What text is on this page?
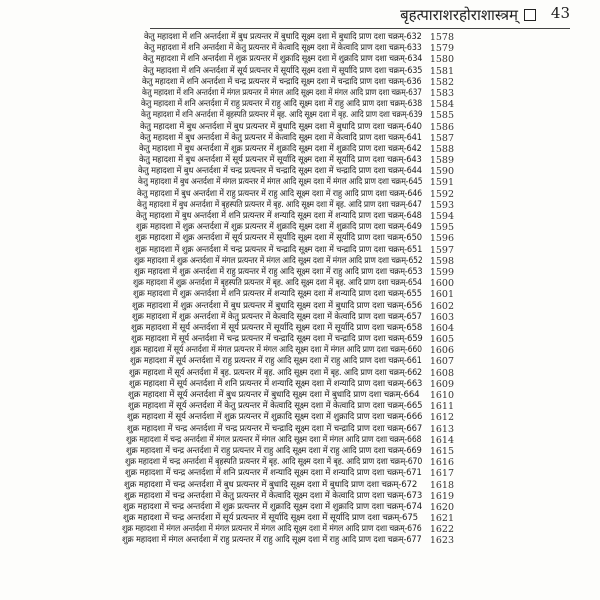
बृहत्पाराशरहोराशास्त्रम् 43
केतु महादशा में शनि अन्तर्दशा में बुध प्रत्यन्तर में बुधादि सूक्ष्म दशा में बुधादि प्राण दशा चक्रम्-632 1578
केतु महादशा में शनि अन्तर्दशा में केतु प्रत्यन्तर में केत्वादि सूक्ष्म दशा में केत्वादि प्राण दशा चक्रम्-633 1579
केतु महादशा में शनि अन्तर्दशा में शुक्र प्रत्यन्तर में शुक्रादि सूक्ष्म दशा में शुक्रादि प्राण दशा चक्रम्-634 1580
केतु महादशा में शनि अन्तर्दशा में सूर्य प्रत्यन्तर में सूर्यादि सूक्ष्म दशा में सूर्यादि प्राण दशा चक्रम्-635 1581
केतु महादशा में शनि अन्तर्दशा में चन्द्र प्रत्यन्तर में चन्द्रादि सूक्ष्म दशा में चन्द्रादि प्राण दशा चक्रम्-636 1582
केतु महादशा में शनि अन्तर्दशा में मंगल प्रत्यन्तर में मंगल आदि सूक्ष्म दशा में मंगल आदि प्राण दशा चक्रम्-637 1583
केतु महादशा में शनि अन्तर्दशा में राहु प्रत्यन्तर में राहु आदि सूक्ष्म दशा में राहु आदि प्राण दशा चक्रम्-638 1584
केतु महादशा में शनि अन्तर्दशा में बृहस्पति प्रत्यन्तर में बृह. आदि सूक्ष्म दशा में बृह. आदि प्राण दशा चक्रम्-639 1585
केतु महादशा में बुध अन्तर्दशा में बुध प्रत्यन्तर में बुधादि सूक्ष्म दशा में बुधादि प्राण दशा चक्रम्-640 1586
केतु महादशा में बुध अन्तर्दशा में केतु प्रत्यन्तर में केत्वादि सूक्ष्म दशा में केत्वादि प्राण दशा चक्रम्-641 1587
केतु महादशा में बुध अन्तर्दशा में शुक्र प्रत्यन्तर में शुक्रादि सूक्ष्म दशा में शुक्रादि प्राण दशा चक्रम्-642 1588
केतु महादशा में बुध अन्तर्दशा में सूर्य प्रत्यन्तर में सूर्यादि सूक्ष्म दशा में सूर्यादि प्राण दशा चक्रम्-643 1589
केतु महादशा में बुध अन्तर्दशा में चन्द्र प्रत्यन्तर में चन्द्रादि सूक्ष्म दशा में चन्द्रादि प्राण दशा चक्रम्-644 1590
केतु महादशा में बुध अन्तर्दशा में मंगल प्रत्यन्तर में मंगल आदि सूक्ष्म दशा में मंगल आदि प्राण दशा चक्रम्-645 1591
केतु महादशा में बुध अन्तर्दशा में राहु प्रत्यन्तर में राहु आदि सूक्ष्म दशा में राहु आदि प्राण दशा चक्रम्-646 1592
केतु महादशा में बुध अन्तर्दशा में बृहस्पति प्रत्यन्तर में बृह. आदि सूक्ष्म दशा में बृह. आदि प्राण दशा चक्रम्-647 1593
केतु महादशा में बुध अन्तर्दशा में शनि प्रत्यन्तर में शन्यादि सूक्ष्म दशा में शन्यादि प्राण दशा चक्रम्-648 1594
शुक्र महादशा में शुक्र अन्तर्दशा में शुक्र प्रत्यन्तर में शुक्रादि सूक्ष्म दशा में शुक्रादि प्राण दशा चक्रम्-649 1595
शुक्र महादशा में शुक्र अन्तर्दशा में सूर्य प्रत्यन्तर में सूर्यादि सूक्ष्म दशा में सूर्यादि प्राण दशा चक्रम्-650 1596
शुक्र महादशा में शुक्र अन्तर्दशा में चन्द्र प्रत्यन्तर में चन्द्रादि सूक्ष्म दशा में चन्द्रादि प्राण दशा चक्रम्-651 1597
शुक्र महादशा में शुक्र अन्तर्दशा में मंगल प्रत्यन्तर में मंगल आदि सूक्ष्म दशा में मंगल आदि प्राण दशा चक्रम्-652 1598
शुक्र महादशा में शुक्र अन्तर्दशा में राहु प्रत्यन्तर में राहु आदि सूक्ष्म दशा में राहु आदि प्राण दशा चक्रम्-653 1599
शुक्र महादशा में शुक्र अन्तर्दशा में बृहस्पति प्रत्यन्तर में बृह. आदि सूक्ष्म दशा में बृह. आदि प्राण दशा चक्रम्-654 1600
शुक्र महादशा में शुक्र अन्तर्दशा में शनि प्रत्यन्तर में शन्यादि सूक्ष्म दशा में शन्यादि प्राण दशा चक्रम्-655 1601
शुक्र महादशा में शुक्र अन्तर्दशा में बुध प्रत्यन्तर में बुधादि सूक्ष्म दशा में बुधादि प्राण दशा चक्रम्-656 1602
शुक्र महादशा में शुक्र अन्तर्दशा में केतु प्रत्यन्तर में केत्वादि सूक्ष्म दशा में केत्वादि प्राण दशा चक्रम्-657 1603
शुक्र महादशा में सूर्य अन्तर्दशा में सूर्य प्रत्यन्तर में सूर्यादि सूक्ष्म दशा में सूर्यादि प्राण दशा चक्रम्-658 1604
शुक्र महादशा में सूर्य अन्तर्दशा में चन्द्र प्रत्यन्तर में चन्द्रादि सूक्ष्म दशा में चन्द्रादि प्राण दशा चक्रम्-659 1605
शुक्र महादशा में सूर्य अन्तर्दशा में मंगल प्रत्यन्तर में मंगल आदि सूक्ष्म दशा में मंगल आदि प्राण दशा चक्रम्-660 1606
शुक्र महादशा में सूर्य अन्तर्दशा में राहु प्रत्यन्तर में राहु आदि सूक्ष्म दशा में राहु आदि प्राण दशा चक्रम्-661 1607
शुक्र महादशा में सूर्य अन्तर्दशा में बृह. प्रत्यन्तर में बृह. आदि सूक्ष्म दशा में बृह. आदि प्राण दशा चक्रम्-662 1608
शुक्र महादशा में सूर्य अन्तर्दशा में शनि प्रत्यन्तर में शन्यादि सूक्ष्म दशा में शन्यादि प्राण दशा चक्रम्-663 1609
शुक्र महादशा में सूर्य अन्तर्दशा में बुध प्रत्यन्तर में बुधादि सूक्ष्म दशा में बुधादि प्राण दशा चक्रम्-664 1610
शुक्र महादशा में सूर्य अन्तर्दशा में केतु प्रत्यन्तर में केत्वादि सूक्ष्म दशा में केत्वादि प्राण दशा चक्रम्-665 1611
शुक्र महादशा में सूर्य अन्तर्दशा में शुक्र प्रत्यन्तर में शुक्रादि सूक्ष्म दशा में शुक्रादि प्राण दशा चक्रम्-666 1612
शुक्र महादशा में चन्द्र अन्तर्दशा में चन्द्र प्रत्यन्तर में चन्द्रादि सूक्ष्म दशा में चन्द्रादि प्राण दशा चक्रम्-667 1613
शुक्र महादशा में चन्द्र अन्तर्दशा में मंगल प्रत्यन्तर में मंगल आदि सूक्ष्म दशा में मंगल आदि प्राण दशा चक्रम्-668 1614
शुक्र महादशा में चन्द्र अन्तर्दशा में राहु प्रत्यन्तर में राहु आदि सूक्ष्म दशा में राहु आदि प्राण दशा चक्रम्-669 1615
शुक्र महादशा में चन्द्र अन्तर्दशा में बृहस्पति प्रत्यन्तर में बृह. आदि सूक्ष्म दशा में बृह. आदि प्राण दशा चक्रम्-670 1616
शुक्र महादशा में चन्द्र अन्तर्दशा में शनि प्रत्यन्तर में शन्यादि सूक्ष्म दशा में शन्यादि प्राण दशा चक्रम्-671 1617
शुक्र महादशा में चन्द्र अन्तर्दशा में बुध प्रत्यन्तर में बुधादि सूक्ष्म दशा में बुधादि प्राण दशा चक्रम्-672 1618
शुक्र महादशा में चन्द्र अन्तर्दशा में केतु प्रत्यन्तर में केत्वादि सूक्ष्म दशा में केत्वादि प्राण दशा चक्रम्-673 1619
शुक्र महादशा में चन्द्र अन्तर्दशा में शुक्र प्रत्यन्तर में शुक्रादि सूक्ष्म दशा में शुक्रादि प्राण दशा चक्रम्-674 1620
शुक्र महादशा में चन्द्र अन्तर्दशा में सूर्य प्रत्यन्तर में सूर्यादि सूक्ष्म दशा में सूर्यादि प्राण दशा चक्रम्-675 1621
शुक्र महादशा में मंगल अन्तर्दशा में मंगल प्रत्यन्तर में मंगल आदि सूक्ष्म दशा में मंगल आदि प्राण दशा चक्रम्-676 1622
शुक्र महादशा में मंगल अन्तर्दशा में राहु प्रत्यन्तर में राहु आदि सूक्ष्म दशा में राहु आदि प्राण दशा चक्रम्-677 1623
